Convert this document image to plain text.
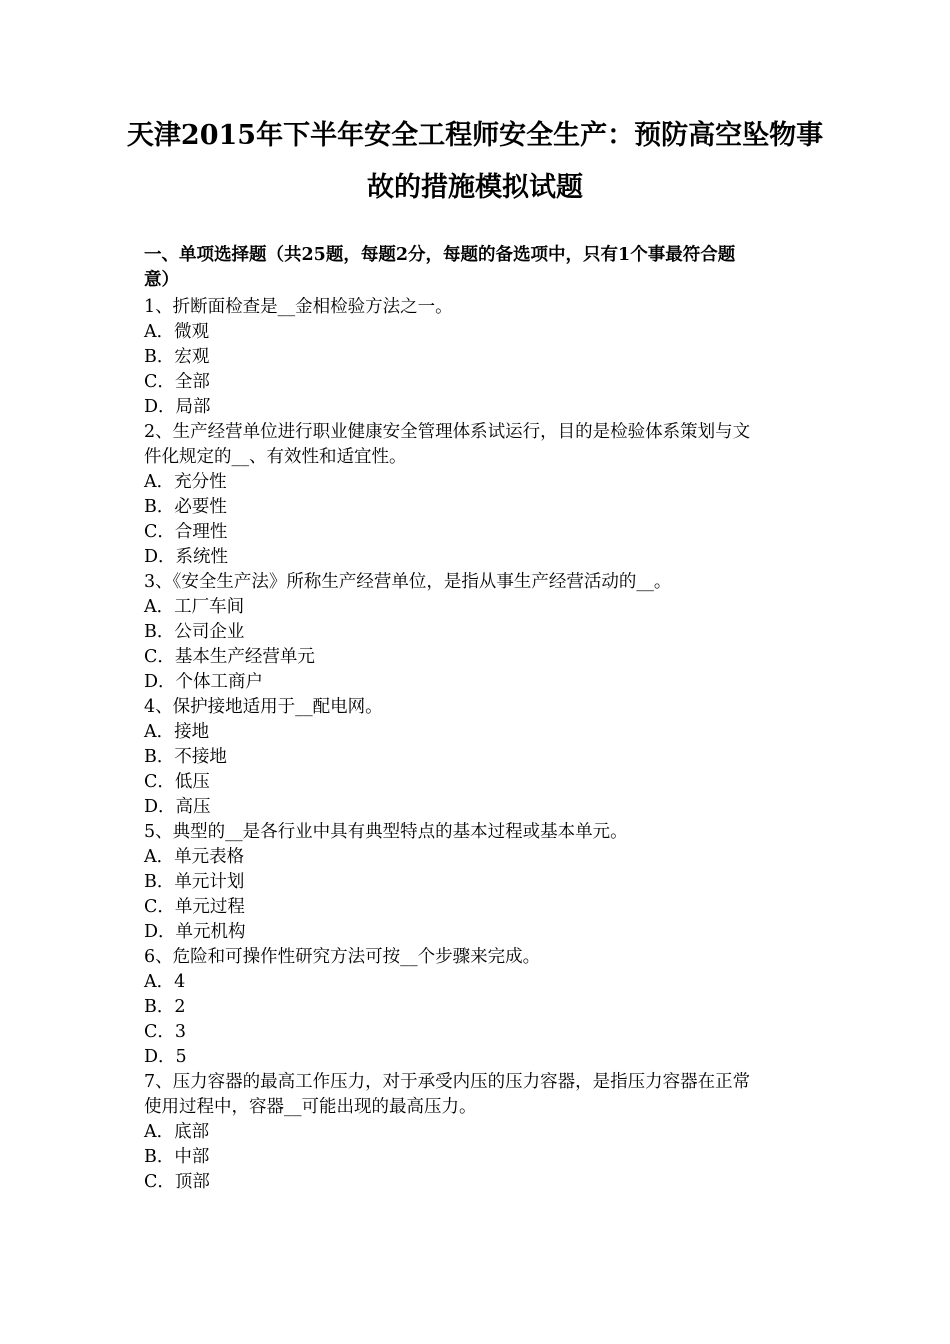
天津2015年下半年安全工程师安全生产：预防高空坠物事
故的措施模拟试题

一、单项选择题（共25题，每题2分，每题的备选项中，只有1个事最符合题

意）

1、折断面检查是__金相检验方法之一。

A．微观

B．宏观

C．全部

D．局部

2、生产经营单位进行职业健康安全管理体系试运行，目的是检验体系策划与文

件化规定的__、有效性和适宜性。

A．充分性

B．必要性

C．合理性

D．系统性

3、《安全生产法》所称生产经营单位，是指从事生产经营活动的__。

A．工厂车间

B．公司企业

C．基本生产经营单元

D．个体工商户

4、保护接地适用于__配电网。

A．接地

B．不接地

C．低压

D．高压

5、典型的__是各行业中具有典型特点的基本过程或基本单元。

A．单元表格

B．单元计划

C．单元过程

D．单元机构

6、危险和可操作性研究方法可按__个步骤来完成。

A．4

B．2

C．3

D．5

7、压力容器的最高工作压力，对于承受内压的压力容器，是指压力容器在正常

使用过程中，容器__可能出现的最高压力。

A．底部

B．中部

C．顶部
